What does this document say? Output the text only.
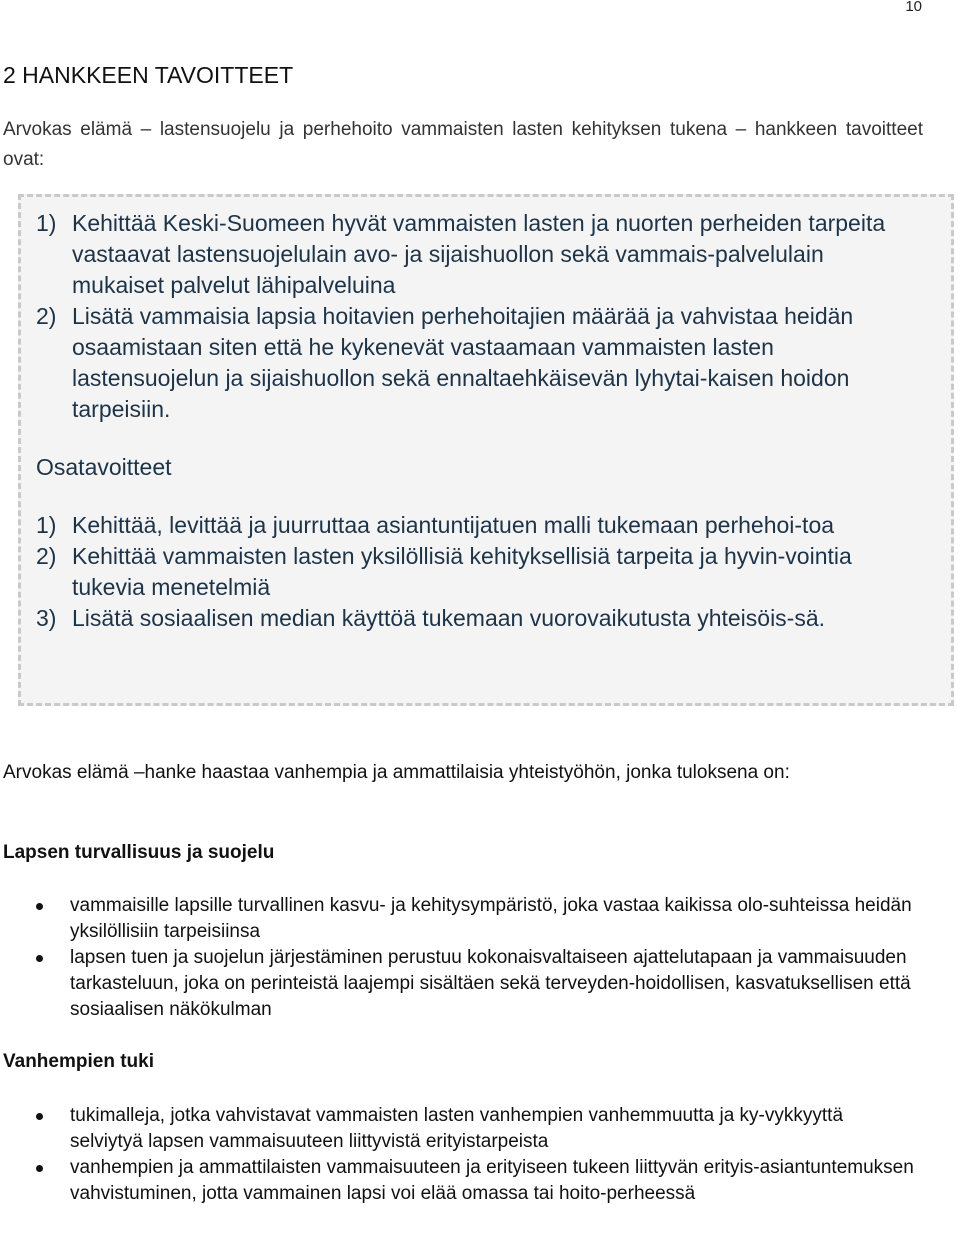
10
2 HANKKEEN TAVOITTEET

Arvokas elämä – lastensuojelu ja perhehoito vammaisten lasten kehityksen tukena – hankkeen tavoitteet ovat:

1) Kehittää Keski-Suomeen hyvät vammaisten lasten ja nuorten perheiden tarpeita vastaavat lastensuojelulain avo- ja sijaishuollon sekä vammais-palvelulain mukaiset palvelut lähipalveluina
2) Lisätä vammaisia lapsia hoitavien perhehoitajien määrää ja vahvistaa heidän osaamistaan siten että he kykenevät vastaamaan vammaisten lasten lastensuojelun ja sijaishuollon sekä ennaltaehkäisevän lyhytai-kaisen hoidon tarpeisiin.
Osatavoitteet
1) Kehittää, levittää ja juurruttaa asiantuntijatuen malli tukemaan perhehoi-toa
2) Kehittää vammaisten lasten yksilöllisiä kehityksellisiä tarpeita ja hyvin-vointia tukevia menetelmiä
3) Lisätä sosiaalisen median käyttöä tukemaan vuorovaikutusta yhteisöis-sä.

Arvokas elämä –hanke haastaa vanhempia ja ammattilaisia yhteistyöhön, jonka tuloksena on:

Lapsen turvallisuus ja suojelu
vammaisille lapsille turvallinen kasvu- ja kehitysympäristö, joka vastaa kaikissa olo-suhteissa heidän yksilöllisiin tarpeisiinsa
lapsen tuen ja suojelun järjestäminen perustuu kokonaisvaltaiseen ajattelutapaan ja vammaisuuden tarkasteluun, joka on perinteistä laajempi sisältäen sekä terveyden-hoidollisen, kasvatuksellisen että sosiaalisen näkökulman
Vanhempien tuki
tukimalleja, jotka vahvistavat vammaisten lasten vanhempien vanhemmuutta ja ky-vykkyyttä selviytyä lapsen vammaisuuteen liittyvistä erityistarpeista
vanhempien ja ammattilaisten vammaisuuteen ja erityiseen tukeen liittyvän erityis-asiantuntemuksen vahvistuminen, jotta vammainen lapsi voi elää omassa tai hoito-perheessä
